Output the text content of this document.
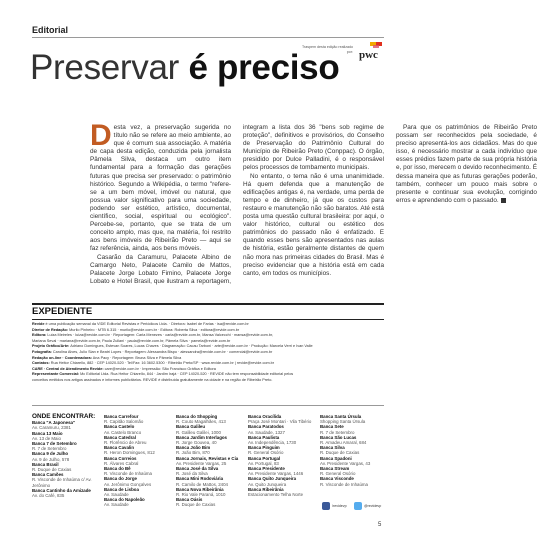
Editorial
Traspem desta edição realizado por: pwc
Preservar é preciso

Desta vez, a preservação sugerida no título não se refere ao meio ambiente, ao que é comum sua associação. A matéria de capa desta edição, conduzida pela jornalista Pâmela Silva, destaca um outro item fundamental para a formação das gerações futuras que precisa ser preservado: o patrimônio histórico. Segundo a Wikipédia, o termo "refere-se a um bem móvel, imóvel ou natural, que possua valor significativo para uma sociedade, podendo ser estético, artístico, documental, científico, social, espiritual ou ecológico". Percebe-se, portanto, que se trata de um conceito amplo, mas que, na matéria, foi restrito aos bens imóveis de Ribeirão Preto — aqui se faz referência, ainda, aos bens móveis.

Casarão da Caramuru, Palacete Albino de Camargo Neto, Palacete Camilo de Mattos, Palacete Jorge Lobato Fimino, Palacete Jorge Lobato e Hotel Brasil, que ilustram a reportagem, integram a lista dos 36 "bens sob regime de proteção", definitivos e provisórios, do Conselho de Preservação do Patrimônio Cultural do Município de Ribeirão Preto (Conppac). O órgão, presidido por Dulce Palladini, é o responsável pelos processos de tombamento municipais.

No entanto, o tema não é uma unanimidade. Há quem defenda que a manutenção de edificações antigas é, na verdade, uma perda de tempo e de dinheiro, já que os custos para restauro e manutenção não são baratos. Até está posta uma questão cultural brasileira: por aqui, o valor histórico, cultural ou estético dos patrimônios do passado não é enfatizado. E quando esses bens são apresentados nas aulas de história, estão geralmente distantes de quem não mora nas primeiras cidades do Brasil. Mas é preciso evidenciar que a história está em cada canto, em todos os municípios.

Para que os patrimônios de Ribeirão Preto possam ser reconhecidos pela sociedade, é preciso apresentá-los aos cidadãos. Mas do que isso, é necessário mostrar a cada indivíduo que esses prédios fazem parte de sua própria história e, por isso, merecem o devido reconhecimento. É dessa maneira que as futuras gerações poderão, também, conhecer um pouco mais sobre o presente e continuar sua evolução, corrigindo erros e aprendendo com o passado.

EXPEDIENTE

Revide é uma publicação semanal da VIDE Editorial Revistas e Periódicos Ltda. · Diretora: Isabel de Farias · isa@revide.com.br

Diretor de Redação: Murilo Pinheiro · MTB 6.315 · murilo@revide.com.br · Editora: Roberta Silva · editora@revide.com.br

Editora: Luiza Meireles · luiza@revide.com.br · Reportagem: Carla Menezes · carla@revide.com.br, Mansa Valcecchi · mansa@revide.com.br,

Mariana Seval · mariana@revide.com.br, Paula Zullani · paula@revide.com.br, Pâmela Silva · pamela@revide.com.br

Projeto Gráfico/Arte: Adriano Domingues, Estevan Soares, Lucas Chaves · Diagramação: Cacau Tarboni · arte@revide.com.br · Produção: Marcela Verri e Ivan Valle

Fotografia: Carolina Alves, Julio Sian e Beatri Lopes · Reportagem: Alessandra Bispo · alessandra@revide.com.br · comercial@revide.com.br

Redação on-line · Coordenadora: Ana Pacy · Reportagem: Bruna Silva e Pâmela Silva

Contatos: Rua Heitor Chiarello, 882 · CEP 14020-520 · Tel/Fax: 16 3602.5300 · Ribeirão Preto/SP · www.revide.com.br | revide@revide.com.br

CARE · Central de Atendimento Revide: care@revide.com.br · Impressão: São Francisco Gráfica e Editora

Representante Comercial: Mc Editorial Ltda. Rua Heitor Chiarello, 844 · Jardim Irajá · CEP 14020-520 · REVIDE não tem responsabilidade editorial pelos

conceitos emitidos nos artigos assinados e informes publicitários. REVIDE é distribuída gratuitamente na cidade e na região de Ribeirão Preto.

ONDE ENCONTRAR:
Banca "A Japonesa"
Av. Caramuru, 2381
Banca 13 Maio
Av. 13 de Maio
Banca 7 de Setembro
R. 7 de Setembro
Banca 9 de Julho
Av. 9 de Julho, 578
Banca Brasil
R. Duque de Caxias
Banca Camões
R. Visconde de Inhaúma c/ Av. Jerônimo
Banca Cantinho da Amizade
Av. do Café, 835
Banca Carrefour
R. Capitão Salomão
Banca Castelo
Av. Castelo Branco
Banca Catedral
R. Florêncio de Abreu
Banca Cavalin
R. Heron Domingues, 812
Banca Correios
R. Álvares Cabral
Banca do Bê
R. Visconde de Inhaúma
Banca do Jorge
Av. Jerônimo Gonçalves
Banca de Lisboa
Av. Saudade
Banca do Napoleão
Av. Saudade
Banca do Shopping
R. Couto Magalhães, 413
Banca Galileu
R. Galileu Galilei, 1000
Banca Jardim Interlagos
R. Jorge Gouvea, 40
Banca João Bim
R. João Bim, 870
Banca Jornais, Revistas e Cia
Av. Presidente Vargas, 25
Banca José da Silva
R. José da Silva
Banca Mini Rodoviária
R. Camilo de Mattos, 2404
Banca Nova Ribeirânia
R. Rio Vale Paraná, 1010
Banca Oásis
R. Duque de Caxias
Banca Oracílida
Praça José Montari · Vila Tibério
Banca Paratodos
Av. Saudade, 1327
Banca Paulista
Av. Independência, 1730
Banca Pinguim
R. General Osório
Banca Portugal
Av. Portugal, 83
Banca Presidente
Av. Presidente Vargas, 1446
Banca Quito Junqueira
Av. Quito Junqueira
Banca Ribeirânia
Estacionamento Telha Norte
Banca Santa Úrsula
Shopping Santa Úrsula
Banca Sete
R. 7 de Setembro
Banca São Lucas
R. Amadeu Amaral, 684
Banca Silva
R. Duque de Caxias
Banca Spadoni
Av. Presidente Vargas, 43
Banca Stream
R. General Osório
Banca Visconde
R. Visconde de Inhaúma
/revidevp	@revidevp
5
